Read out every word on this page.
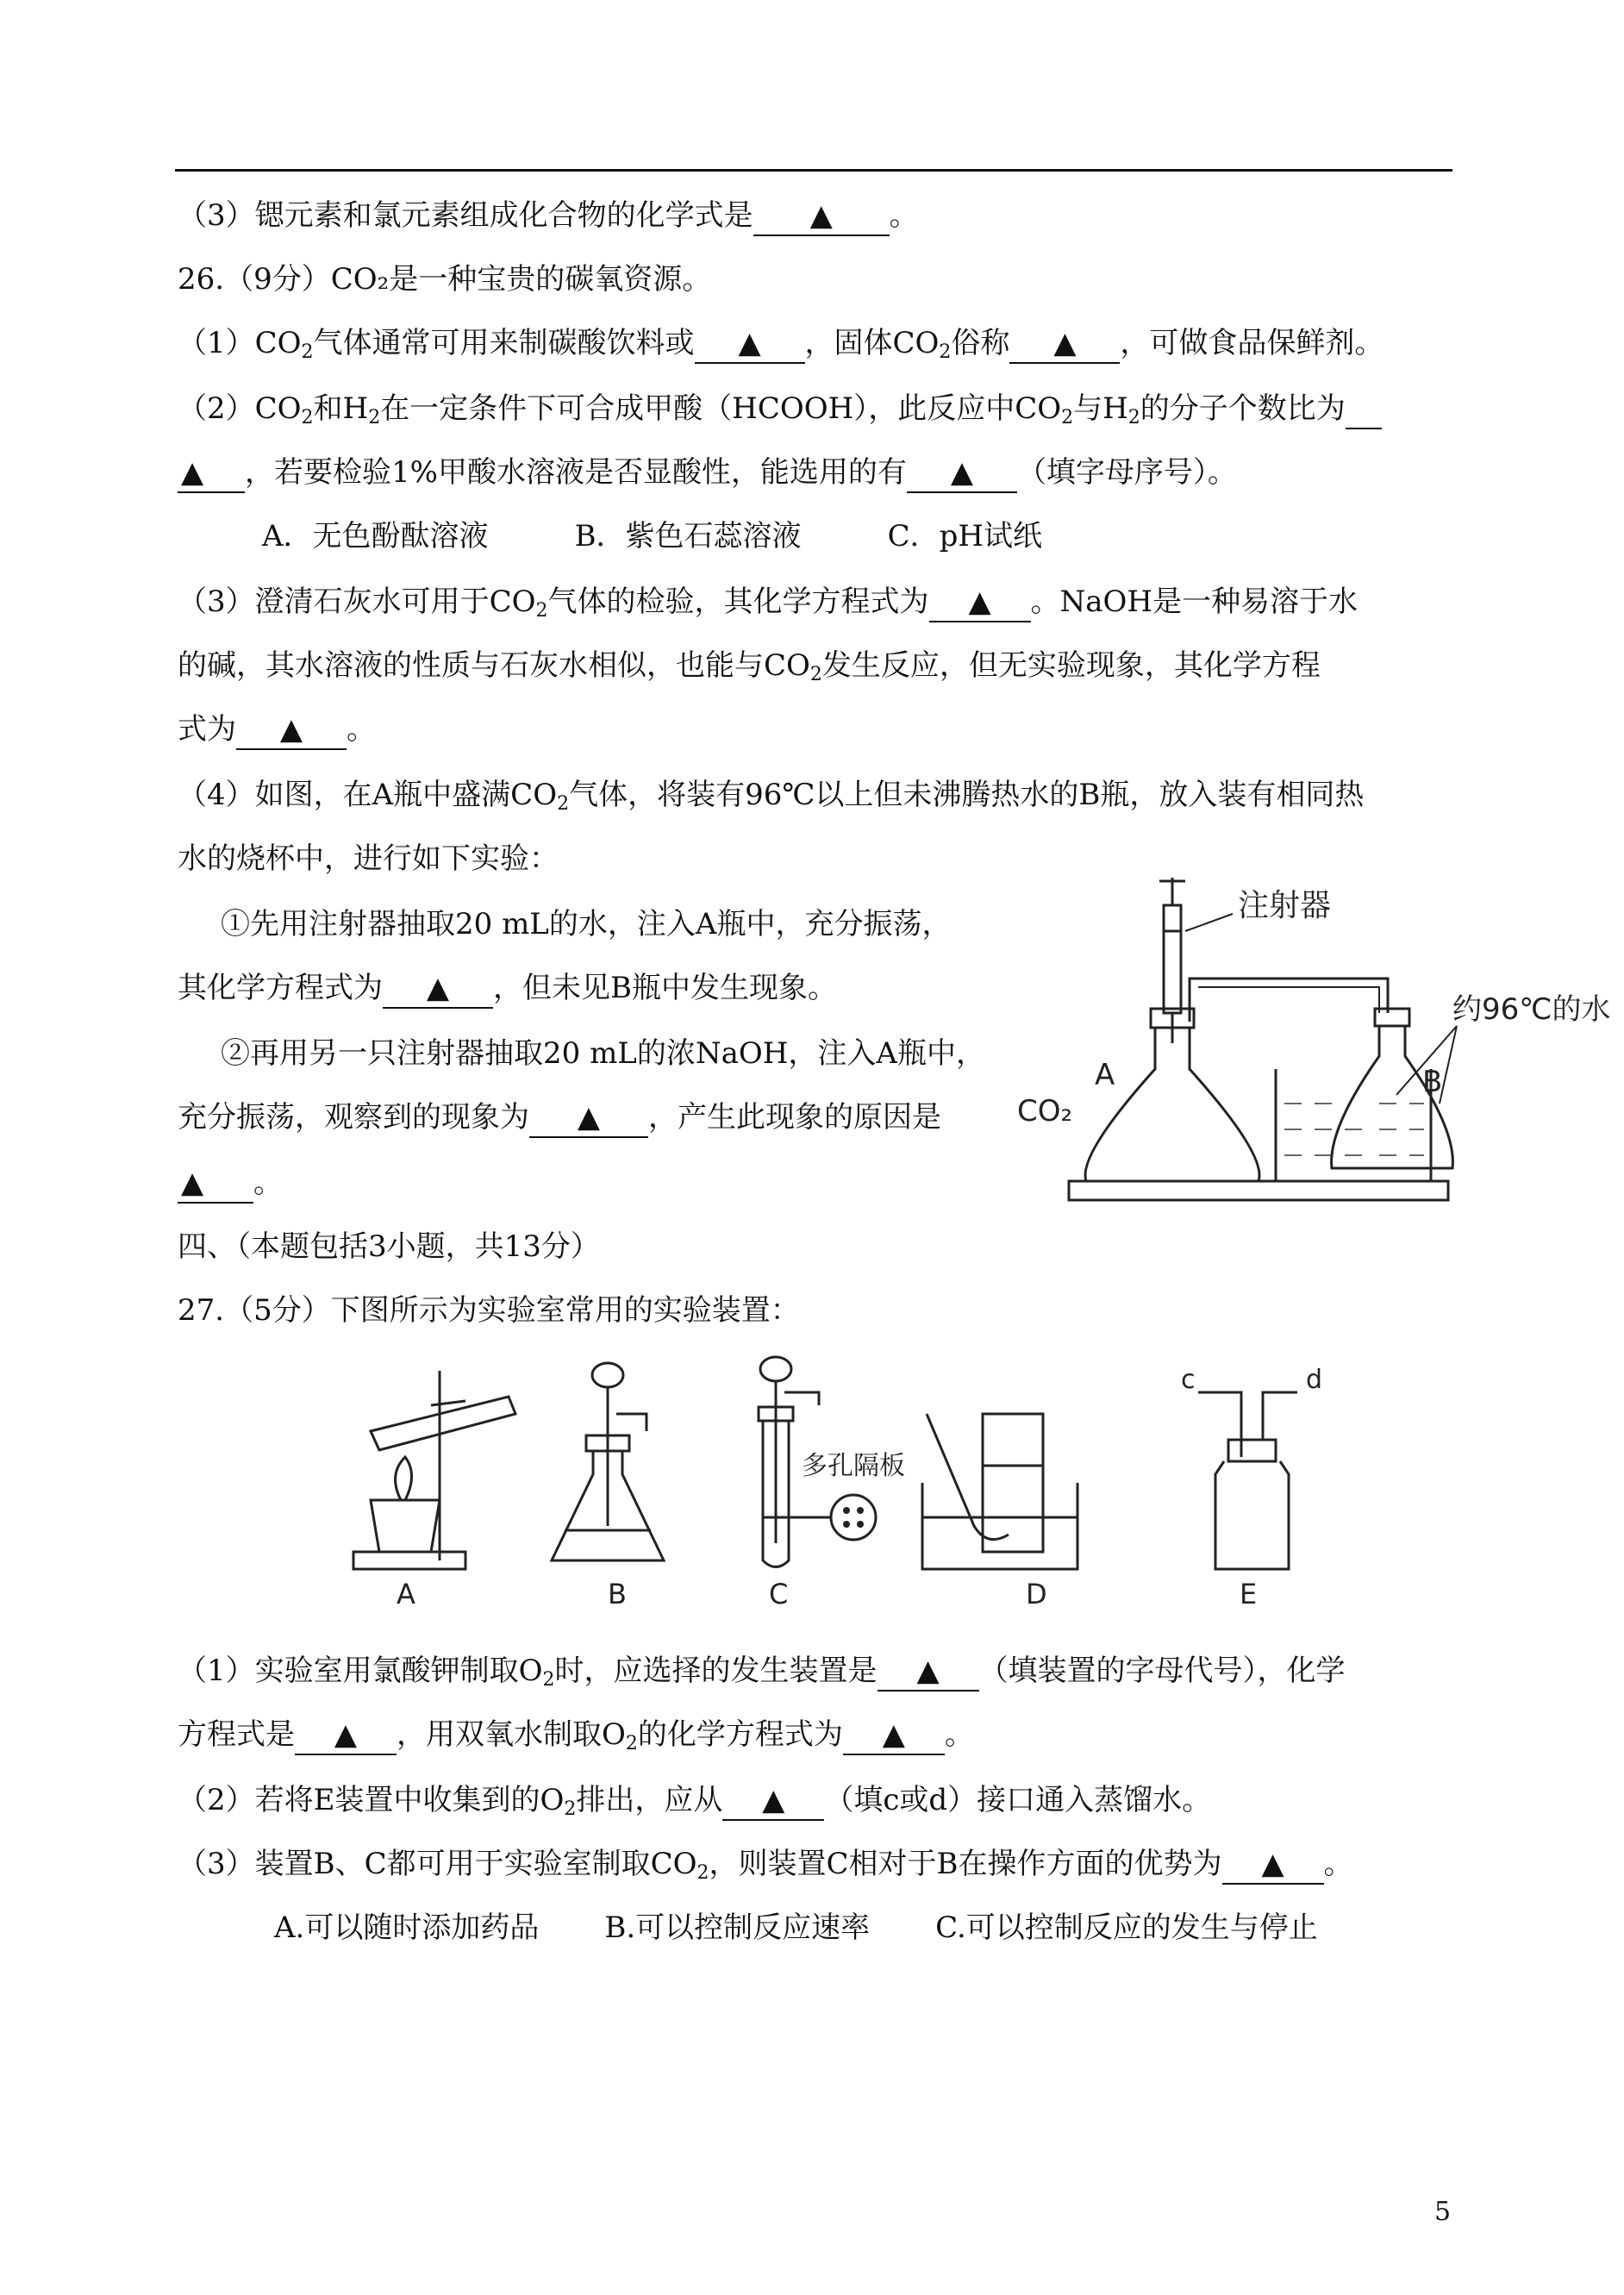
（3）锶元素和氯元素组成化合物的化学式是 ▲ 。
26.（9分）CO₂是一种宝贵的碳氧资源。
$(1)CO_2$气体通常可用来制碳酸饮料或 ▲ ，固体$CO_2$俗称 ▲ ，可做食品保鲜剂。
$(2)CO_2$和$H_2$在一定条件下可合成甲酸（HCOOH），此反应中$CO_2$与$H_2$的分子个数比为
▲ ，若要检验1%甲酸水溶液是否显酸性，能选用的有 ▲ （填字母序号）。
A．无色酚酞溶液	B．紫色石蕊溶液	C．pH试纸
（3）澄清石灰水可用于$CO_2$气体的检验，其化学方程式为 ▲ 。NaOH是一种易溶于水
的碱，其水溶液的性质与石灰水相似，也能与$CO_2$发生反应，但无实验现象，其化学方程
式为 ▲ 。
（4）如图，在A瓶中盛满$CO_2$气体，将装有96℃以上但未沸腾热水的B瓶，放入装有相同热
水的烧杯中，进行如下实验：
①先用注射器抽取20 mL的水，注入A瓶中，充分振荡，
其化学方程式为 ▲ ，但未见B瓶中发生现象。
②再用另一只注射器抽取20 mL的浓NaOH，注入A瓶中，
充分振荡，观察到的现象为 ▲ ，产生此现象的原因是
▲ 。
注射器
A
CO₂
约96℃的水
B
四、（本题包括3小题，共13分）
27.（5分）下图所示为实验室常用的实验装置：
A	B
多孔隔板
C	D
c	d
E
（1）实验室用氯酸钾制取$O_2$时，应选择的发生装置是 ▲ （填装置的字母代号），化学
方程式是 ▲ ，用双氧水制取$O_2$的化学方程式为 ▲ 。
（2）若将E装置中收集到的$O_2$排出，应从 ▲ （填c或d）接口通入蒸馏水。
（3）装置B、C都可用于实验室制取$CO_2$，则装置C相对于B在操作方面的优势为 ▲ 。
A.可以随时添加药品 B.可以控制反应速率 C.可以控制反应的发生与停止
5
